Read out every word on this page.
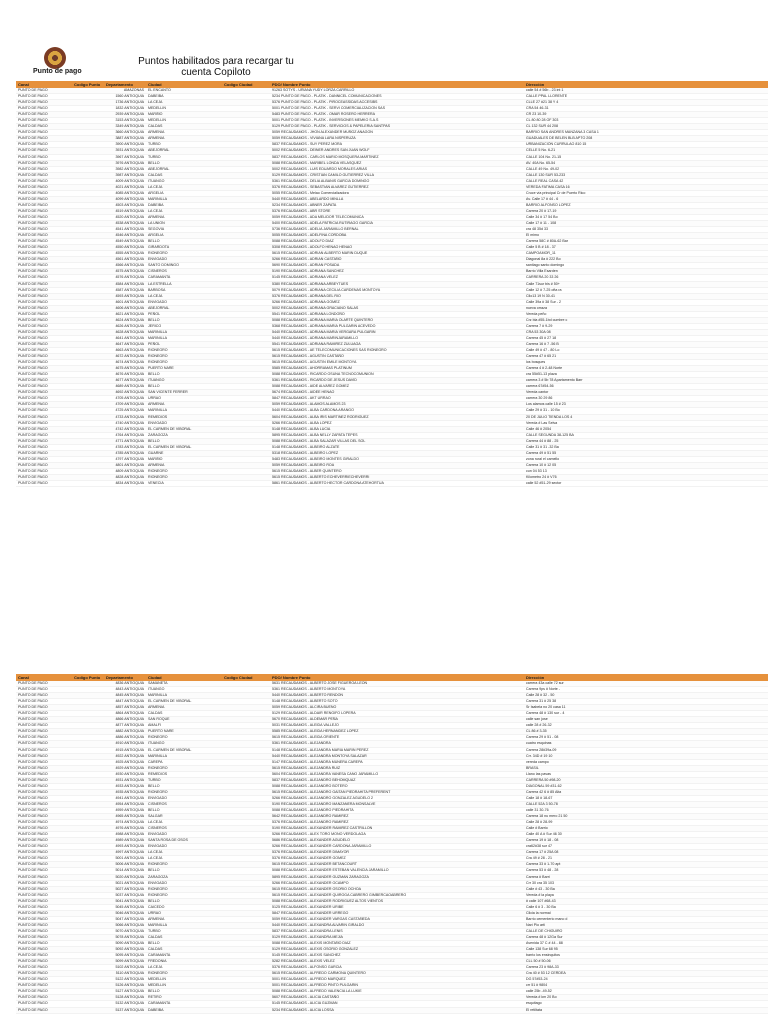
Punto de pago
Puntos habilitados para recargar tu
cuenta Copiloto
Canal	Codigo Punto	Departamento	Ciudad	Codigo Ciudad	PDO/ Nombre Punto	Dirección
PUNTO DE PAGO		AMAZONAS	EL ENCANTO		91263 SOTYS - URIANA YUDY LORZA CARRILLO	calle 54 # 56b - 23 int 1
PUNTO DE PAGO		1560 ANTIOQUIA	DABEIBA		5234 PUNTO DE PAGO - PLATIK - DANNICEL COMUNICACIONES	CALLE PPAL LLORENTE
PUNTO DE PAGO		1736 ANTIOQUIA	LA CEJA		5376 PUNTO DE PAGO - PLATIK - PIROCEASSIDAS ACCESIBS	CLLE 27 #21 38 Y 4
PUNTO DE PAGO		1832 ANTIOQUIA	MEDELLIN		5001 PUNTO DE PAGO - PLATIK - SERVI COMERCIALIZACION SAS	CRA 54 46-31
PUNTO DE PAGO		2939 ANTIOQUIA	MARIÑO		5483 PUNTO DE PAGO - PLATIK - OMAR ROSERO HERRERA	CR 23 10-39
PUNTO DE PAGO		3153 ANTIOQUIA	MEDELLIN		5001 PUNTO DE PAGO - PLATIK - INVERSIONES MEMKO S.A.S	CL 80 80 28 OF 303
PUNTO DE PAGO		3349 ANTIOQUIA	CALDAS		5129 PUNTO DE PAGO - PLATIK - SERVICIOS & PAPELERIA SANTPAS	CL 132 SUR 44 208
PUNTO DE PAGO		3660 ANTIOQUIA	ARMENIA		5059 RECAUDAMOS - JHON ALEXANDER MUÑOZ ANAGON	BARRIO SAN ANDRES MANZANA 3 CASA 1
PUNTO DE PAGO		3887 ANTIOQUIA	ARMENIA		5059 RECAUDAMOS - VIVIANA LARA NISPERUZA	GUADUALES DE BELEN BLB APTO 208
PUNTO DE PAGO		3900 ANTIOQUIA	TURBO		5837 RECAUDAMOS - SUY PEREZ MORA	URBANIZACIÓN CURRULAO 810 15
PUNTO DE PAGO		3931 ANTIOQUIA	ABEJORRAL		5002 RECAUDAMOS - DEINER ANDRES SAN JUAN WOLF	CELLE 5 No. 6-21
PUNTO DE PAGO		3967 ANTIOQUIA	TURBO		5837 RECAUDAMOS - CARLOS MARIO MOSQUERA MARTINEZ	CALLE 104 No. 21-15
PUNTO DE PAGO		3976 ANTIOQUIA	BELLO		5088 RECAUDAMOS - MARIBEL LONDA VELASQUEZ	AV. 40A No. 65-54
PUNTO DE PAGO		3982 ANTIOQUIA	ABEJORRAL		5002 RECAUDAMOS - LUIS EDUARDO MORALES ARIAS	CALLE 49 No. 49-02
PUNTO DE PAGO		3987 ANTIOQUIA	CALDAS		5129 RECAUDAMOS - CRISTIAN CAMILO GUTIERREZ VILLA	CALLE 130 SUR 53-233
PUNTO DE PAGO		4009 ANTIOQUIA	ITUANGO		5361 RECAUDAMOS - DELIA ALBANIS GARCIA DOMINGO	CALLE REAL CASA 42
PUNTO DE PAGO		4021 ANTIOQUIA	LA CEJA		5376 RECAUDAMOS - SEBASTIAN ALVAREZ GUTIERREZ	VEREDA FATIMA CASA 16
PUNTO DE PAGO		4085 ANTIOQUIA	ARGELIA		5055 RECAUDAMOS - Melao Comercializadora	Cruce vía principal Cr de Puerto Rico
PUNTO DE PAGO		4099 ANTIOQUIA	MARINILLA		5440 RECAUDAMOS - ABELARDO MINLLA	Av. Calle 17 # 44 - 6
PUNTO DE PAGO		4503 ANTIOQUIA	DABEIBA		5234 RECAUDAMOS - ABNER ZAPATA	BARRIO ALFONSO LOPEZ
PUNTO DE PAGO		4519 ANTIOQUIA	LA CEJA		5376 RECAUDAMOS - ABR STORE	Carrera 20 # 17-19
PUNTO DE PAGO		4520 ANTIOQUIA	ARMENIA		5059 RECAUDAMOS - ADA MELIDOR TELECOMUNICA	Calle 34 # 17 54 Bo
PUNTO DE PAGO		4538 ANTIOQUIA	LA UNION		5400 RECAUDAMOS - ADELA PATRICIA RUTIRAGO GARCIA	Calle 17 # 11 - 108
PUNTO DE PAGO		4541 ANTIOQUIA	SEGOVIA		5736 RECAUDAMOS - ADELIA JARAMILLO BERNAL	cra 48 35d 33
PUNTO DE PAGO		4546 ANTIOQUIA	ARGELIA		5055 RECAUDAMOS - ADELFINA CORDOBA	El mimo
PUNTO DE PAGO		4549 ANTIOQUIA	BELLO		5088 RECAUDAMOS - ADOLFO DIAZ	Carrera 58C # 80A-62 Bar
PUNTO DE PAGO		4550 ANTIOQUIA	GIRARDOTA		5308 RECAUDAMOS - ADOLFO HENAO HENAO	Calle 5 B # 18 - 37
PUNTO DE PAGO		4555 ANTIOQUIA	RIONEGRO		5615 RECAUDAMOS - ADRIAN ALBERTO MARIN DUQUE	CAMPOAMOR_11
PUNTO DE PAGO		4561 ANTIOQUIA	ENVIGADO		5266 RECAUDAMOS - ADRIAN CASTAÑO	Diagonal 8a # 222 Bo
PUNTO DE PAGO		4566 ANTIOQUIA	SANTO DOMINGO		5690 RECAUDAMOS - ADRIAN POSADA	santiago santo domingo
PUNTO DE PAGO		4575 ANTIOQUIA	CISNEROS		5190 RECAUDAMOS - ADRIANA SANCHEZ	Barrio Villa Esarden
PUNTO DE PAGO		4576 ANTIOQUIA	CARAMANTA		5145 RECAUDAMOS - ADRIANA VELEZ	CARRERA 20 33 26
PUNTO DE PAGO		4584 ANTIOQUIA	LA ESTRELLA		5380 RECAUDAMOS - ADRIANA ARBEYTUES	Calle 71sur bis # 50+
PUNTO DE PAGO		4587 ANTIOQUIA	BARBOSA		5079 RECAUDAMOS - ADRIANA CECILIA CARDENAS MONTOYA	Calle 12 # 7-25 ofta ra
PUNTO DE PAGO		4593 ANTIOQUIA	LA CEJA		5376 RECAUDAMOS - ADRIANA DEL RIO	Cllo13 19 N 30-41
PUNTO DE PAGO		4601 ANTIOQUIA	ENVIGADO		5266 RECAUDAMOS - ADRIANA GOMEZ	Calle 39a # 38 Sur - 2
PUNTO DE PAGO		4606 ANTIOQUIA	ABEJORRAL		5002 RECAUDAMOS - ADRIANA GRACIANO SALAS	nueva orraza
PUNTO DE PAGO		4621 ANTIOQUIA	PEÑOL		5541 RECAUDAMOS - ADRIANA LONDOÑO	Vereda peño
PUNTO DE PAGO		4624 ANTIOQUIA	BELLO		5088 RECAUDAMOS - ADRIANA MARIA OLARTE QUINTERO	Crz bla #55-1bd cumbre c
PUNTO DE PAGO		4626 ANTIOQUIA	JERICO		5368 RECAUDAMOS - ADRIANA MARIA PULGARIN ACEVEDO	Carrera 7 # 9-29
PUNTO DE PAGO		4628 ANTIOQUIA	MARINILLA		5440 RECAUDAMOS - ADRIANA MARIA VERGARA PULGARIN	CRA 53 30A 08
PUNTO DE PAGO		4641 ANTIOQUIA	MARINILLA		5440 RECAUDAMOS - ADRIANA MARINJARAMILLO	Carrera 45 # 27 18
PUNTO DE PAGO		4647 ANTIOQUIA	PEÑOL		5541 RECAUDAMOS - ADRIANA RAMIREZ ZULUAGA	Carrera 16 # 7 -56 B
PUNTO DE PAGO		4663 ANTIOQUIA	RIONEGRO		5615 RECAUDAMOS - AE TELECOMUNICACIONES SAS RIONEGRO	Calle 49 # 47 - 80 Lo
PUNTO DE PAGO		4672 ANTIOQUIA	RIONEGRO		5615 RECAUDAMOS - AGUSTIN CASTAÑO	Carrera 47 # 65 21
PUNTO DE PAGO		4674 ANTIOQUIA	RIONEGRO		5615 RECAUDAMOS - AGUSTIN EMILE MONTOYA	los bosques
PUNTO DE PAGO		4675 ANTIOQUIA	PUERTO NARE		5585 RECAUDAMOS - AHORRAMAS PLATINUM	Carrera 4 # 2-48 Norte
PUNTO DE PAGO		4676 ANTIOQUIA	BELLO		5088 RECAUDAMOS - RICARDO OSUNA TECNOCOMUNION	cra 55#51-13 plaza
PUNTO DE PAGO		4677 ANTIOQUIA	ITUANGO		5361 RECAUDAMOS - RICARDO DE JESUS DAVID	carrera 3 # 5b 78 Apartamento Barr
PUNTO DE PAGO		4689 ANTIOQUIA	BELLO		5088 RECAUDAMOS - AIDE ALVAREZ GOMEZ	carrera 67#54-56
PUNTO DE PAGO		4692 ANTIOQUIA	SAN VICENTE FERRER		5674 RECAUDAMOS - AIDEE HENAO	Vereda cantor
PUNTO DE PAGO		4705 ANTIOQUIA	URRAO		5847 RECAUDAMOS - AKT URRAO	carrera 30 29 86
PUNTO DE PAGO		4709 ANTIOQUIA	ARMENIA		5059 RECAUDAMOS - ALAMOS ALAMOS 23	Los alamos calle 15 # 23
PUNTO DE PAGO		4725 ANTIOQUIA	MARINILLA		5440 RECAUDAMOS - ALBA CARDONA ARANGO	Calle 29 # 31 - 10 Bo
PUNTO DE PAGO		4733 ANTIOQUIA	REMEDIOS		5604 RECAUDAMOS - ALBA IRIS MARTINEZ RODRIGUEZ	20 DE JULIO TIENDA LOS 4
PUNTO DE PAGO		4740 ANTIOQUIA	ENVIGADO		5266 RECAUDAMOS - ALBA LOPEZ	Vereda # Las Selva
PUNTO DE PAGO		4742 ANTIOQUIA	EL CARMEN DE VIBORAL		5148 RECAUDAMOS - ALBA LUCIA	Calle 46 # 2054
PUNTO DE PAGO		4764 ANTIOQUIA	ZARAGOZA		5895 RECAUDAMOS - ALBA NELLY ZAPATA TEPES	CALLE SEGUNDA 38-125 BA
PUNTO DE PAGO		4771 ANTIOQUIA	BELLO		5088 RECAUDAMOS - ALBA SALAZAR VILLAS DEL SOL	Carrera 44 # 88 - 25
PUNTO DE PAGO		4783 ANTIOQUIA	EL CARMEN DE VIBORAL		5148 RECAUDAMOS - ALBEIRO ALZATE	Calle 31 # 31 -32 Ba
PUNTO DE PAGO		4785 ANTIOQUIA	GUARNE		5318 RECAUDAMOS - ALBEIRO LOPEZ	Carrera 49 # 51 55
PUNTO DE PAGO		4797 ANTIOQUIA	MARIÑO		5483 RECAUDAMOS - ALBEIRO MONTES GIRALDO	zona rural el camello
PUNTO DE PAGO		4801 ANTIOQUIA	ARMENIA		5059 RECAUDAMOS - ALBEIRO ROA	Carrera 10 # 12 05
PUNTO DE PAGO		4809 ANTIOQUIA	RIONEGRO		5615 RECAUDAMOS - ALBER QUINTERO	cun 04 53 13
PUNTO DE PAGO		4828 ANTIOQUIA	RIONEGRO		5615 RECAUDAMOS - ALBERTO ECHEVERRIECHEVERRI	Kilometro 24 # V76
PUNTO DE PAGO		4834 ANTIOQUIA	VENECIA		5861 RECAUDAMOS - ALBERTO HECTOR CARDONA ATEHORTUA	calle 52 #51-29 sector
Canal	Codigo Punto	Departamento	Ciudad	Codigo Ciudad	PDO/ Nombre Punto	Dirección
PUNTO DE PAGO		4836 ANTIOQUIA	SAMANETA		5631 RECAUDAMOS - ALBERTO JOSE FIGUEROA LEON	carrera 43a calle 72 sur
PUNTO DE PAGO		4843 ANTIOQUIA	ITUANGO		5361 RECAUDAMOS - ALBERTO MONTOYA	Carrera 9ps # Norte -
PUNTO DE PAGO		4845 ANTIOQUIA	MARINILLA		5440 RECAUDAMOS - ALBERTO RENDON	Calle 28 # 32 - 50
PUNTO DE PAGO		4847 ANTIOQUIA	EL CARMEN DE VIBORAL		5148 RECAUDAMOS - ALBERTO SOTO	Carrera 31 # 25 38
PUNTO DE PAGO		4857 ANTIOQUIA	ARMENIA		5059 RECAUDAMOS - ALCIRA BUENO	Sr Isabela no 20 casa 11
PUNTO DE PAGO		4864 ANTIOQUIA	CALDAS		5129 RECAUDAMOS - ALDAIR RENGIFO LOPERA	Carrera 48 # 130 sur - 4
PUNTO DE PAGO		4866 ANTIOQUIA	SAN ROQUE		5670 RECAUDAMOS - ALDEMAR PEÑA	calle san jose
PUNTO DE PAGO		4877 ANTIOQUIA	AMALFI		5031 RECAUDAMOS - ALEIDA VALLEJO	calle 28 # 26-32
PUNTO DE PAGO		4882 ANTIOQUIA	PUERTO NARE		5585 RECAUDAMOS - ALEIDA HERNANDEZ LOPEZ	CL 86 # 3-35
PUNTO DE PAGO		4886 ANTIOQUIA	RIONEGRO		5615 RECAUDAMOS - ALEIDA ORIENTE	Carrera 29 # 51 - 08
PUNTO DE PAGO		4910 ANTIOQUIA	ITUANGO		5361 RECAUDAMOS - ALEJANDRA	cuatro esquinas
PUNTO DE PAGO		4915 ANTIOQUIA	EL CARMEN DE VIBORAL		5148 RECAUDAMOS - ALEJANDRA MARIA MARIN PEREZ	Carrera 28#39a-09
PUNTO DE PAGO		4922 ANTIOQUIA	MARINILLA		5440 RECAUDAMOS - ALEJANDRA MONTOYA SALAZAR	Crr. 34D # 19 10
PUNTO DE PAGO		4925 ANTIOQUIA	CAREPA		5147 RECAUDAMOS - ALEJANDRA MUNERA CAREPA	vereda campo
PUNTO DE PAGO		4929 ANTIOQUIA	RIONEGRO		5615 RECAUDAMOS - ALEJANDRA RUIZ	BRASIL
PUNTO DE PAGO		4930 ANTIOQUIA	REMEDIOS		5604 RECAUDAMOS - ALEJANDRA VANESA CANO JARAMILLO	Llano las pavas
PUNTO DE PAGO		4931 ANTIOQUIA	TURBO		5837 RECAUDAMOS - ALEJANDRO BEHOMQUAZ	CARRERA 50 #98-20
PUNTO DE PAGO		4933 ANTIOQUIA	BELLO		5088 RECAUDAMOS - ALEJANDRO BOTERO	DIAGONAL 59 #31-62
PUNTO DE PAGO		4935 ANTIOQUIA	RIONEGRO		5615 RECAUDAMOS - ALEJANDRO GAITAN PIEDRAHITA PREFERENT	Carrera 42 6 # 85 Alta
PUNTO DE PAGO		4941 ANTIOQUIA	ENVIGADO		5266 RECAUDAMOS - ALEJANDRO GONZALEZ AGUDELO 2	Calle 18 # 18-67
PUNTO DE PAGO		4954 ANTIOQUIA	CISNEROS		5190 RECAUDAMOS - ALEJANDRO MANZANERA MONSALVE	CALLE 52A 3 50-78
PUNTO DE PAGO		4959 ANTIOQUIA	BELLO		5088 RECAUDAMOS - ALEJANDRO PIEDRAHITA	calle 31 30-76
PUNTO DE PAGO		4965 ANTIOQUIA	SALGAR		5642 RECAUDAMOS - ALEJANDRO RAMIREZ	Carrera 18 nu mero 21 50
PUNTO DE PAGO		4974 ANTIOQUIA	LA CEJA		5376 RECAUDAMOS - ALEJANDRO RAMIREZ	Calle 28 # 28-99
PUNTO DE PAGO		4976 ANTIOQUIA	CISNEROS		5190 RECAUDAMOS - ALEXANDER RAMIREZ CASTRILLON	Calle # Barrio
PUNTO DE PAGO		4988 ANTIOQUIA	ENVIGADO		5266 RECAUDAMOS - ALEX TORO MONO VERDOLAGA	Calle 40 A # Sur 46 30
PUNTO DE PAGO		4989 ANTIOQUIA	SANTA ROSA DE OSOS		5686 RECAUDAMOS - ALEXANDER AGUDELO	Carrera 19 # 18 - 08
PUNTO DE PAGO		4993 ANTIOQUIA	ENVIGADO		5266 RECAUDAMOS - ALEXANDER CARDONA JARAMILLO	cra62#38 sur 47
PUNTO DE PAGO		4997 ANTIOQUIA	LA CEJA		5376 RECAUDAMOS - ALEXANDER DIMAYOR	Carrera 17 # 25A 08
PUNTO DE PAGO		5001 ANTIOQUIA	LA CEJA		5376 RECAUDAMOS - ALEXANDER GOMEZ	Cra 49 # 28 - 21
PUNTO DE PAGO		5006 ANTIOQUIA	RIONEGRO		5615 RECAUDAMOS - ALEXANDER BETANCOURT	Carrera 33 # 1-70 apt
PUNTO DE PAGO		5014 ANTIOQUIA	BELLO		5088 RECAUDAMOS - ALEXANDER ESTEBAN VALENCIA JARAMILLO	Carrera 53 # 48 - 28
PUNTO DE PAGO		5020 ANTIOQUIA	ZARAGOZA		5895 RECAUDAMOS - ALEXANDER GUZMAN ZARAGOZA	Carrera # Barri
PUNTO DE PAGO		5021 ANTIOQUIA	ENVIGADO		5266 RECAUDAMOS - ALEXANDER OCAMPO	Crr 30 cra 35 103
PUNTO DE PAGO		5027 ANTIOQUIA	RIONEGRO		5615 RECAUDAMOS - ALEXANDER OSORIO OCHOA	Calle # 43 - 30 Ba
PUNTO DE PAGO		5037 ANTIOQUIA	RIONEGRO		5615 RECAUDAMOS - ALEXANDER QUIROGA CABRERO GIMBERCAOABRERO	Vereda # la playa
PUNTO DE PAGO		5041 ANTIOQUIA	BELLO		5088 RECAUDAMOS - ALEXANDER RODRIGUEZ ALTOS VIENTOS	# calle 107 #68-43
PUNTO DE PAGO		5045 ANTIOQUIA	CAICEDO		5125 RECAUDAMOS - ALEXANDER URIBE	Calle 6 # 3 - 30 Ba
PUNTO DE PAGO		5046 ANTIOQUIA	URRAO		5847 RECAUDAMOS - ALEXANDER URREGO	Cllcia la normal
PUNTO DE PAGO		5047 ANTIOQUIA	ARMENIA		5059 RECAUDAMOS - ALEXANDER VARGAS CASTAÑEDA	Barrio cementerio mano d
PUNTO DE PAGO		5066 ANTIOQUIA	MARINILLA		5440 RECAUDAMOS - ALEXANDRA ALVARIN GIRALDO	Narí Pio arti
PUNTO DE PAGO		5070 ANTIOQUIA	TURBO		5837 RECAUDAMOS - ALEXANDRA LENIS	CALLE DE CHIGUIRO
PUNTO DE PAGO		5078 ANTIOQUIA	CALDAS		5129 RECAUDAMOS - ALEXANDRA MEJIA	Carrera 48 # 12Ga Sur
PUNTO DE PAGO		5090 ANTIOQUIA	BELLO		5088 RECAUDAMOS - ALEXIS MONTAÑO DIAZ	Avenida 37 C # 44 - 88
PUNTO DE PAGO		5092 ANTIOQUIA	CALDAS		5129 RECAUDAMOS - ALEXIS OSORIO GONZALEZ	Calle 138 Sur 68 95
PUNTO DE PAGO		5095 ANTIOQUIA	CARAMANTA		5145 RECAUDAMOS - ALEXIS SANCHEZ	barrio los ensinquitos
PUNTO DE PAGO		5099 ANTIOQUIA	FREDONIA		5282 RECAUDAMOS - ALEXIS VELEZ	CLL 50 # 50-06
PUNTO DE PAGO		5102 ANTIOQUIA	LA CEJA		5376 RECAUDAMOS - ALFONSO GARCIA	Carrera 23 # 98A-33
PUNTO DE PAGO		5110 ANTIOQUIA	RIONEGRO		5615 RECAUDAMOS - ALFREDO CARMONA QUINTERO	Cra 40 # 53 12 CERDEA
PUNTO DE PAGO		5122 ANTIOQUIA	MEDELLIN		5001 RECAUDAMOS - ALFREDO MARQUEZ	DG 57#53-24
PUNTO DE PAGO		5126 ANTIOQUIA	MEDELLIN		5001 RECAUDAMOS - ALFREDO PINTO PULGARIN	crr 51 # 9804
PUNTO DE PAGO		5127 ANTIOQUIA	BELLO		5088 RECAUDAMOS - ALFREDO VALENCIA LA LUKIE	calle 25b -49-52
PUNTO DE PAGO		5128 ANTIOQUIA	RETIRO		5607 RECAUDAMOS - ALICIA CASTAÑO	Vereda # km 20 Bo
PUNTO DE PAGO		5132 ANTIOQUIA	CARAMANTA		5145 RECAUDAMOS - ALICIA GUZMAN	esquitago
PUNTO DE PAGO		5137 ANTIOQUIA	DABEIBA		5234 RECAUDAMOS - ALICIA LOSSA	El retiltata
